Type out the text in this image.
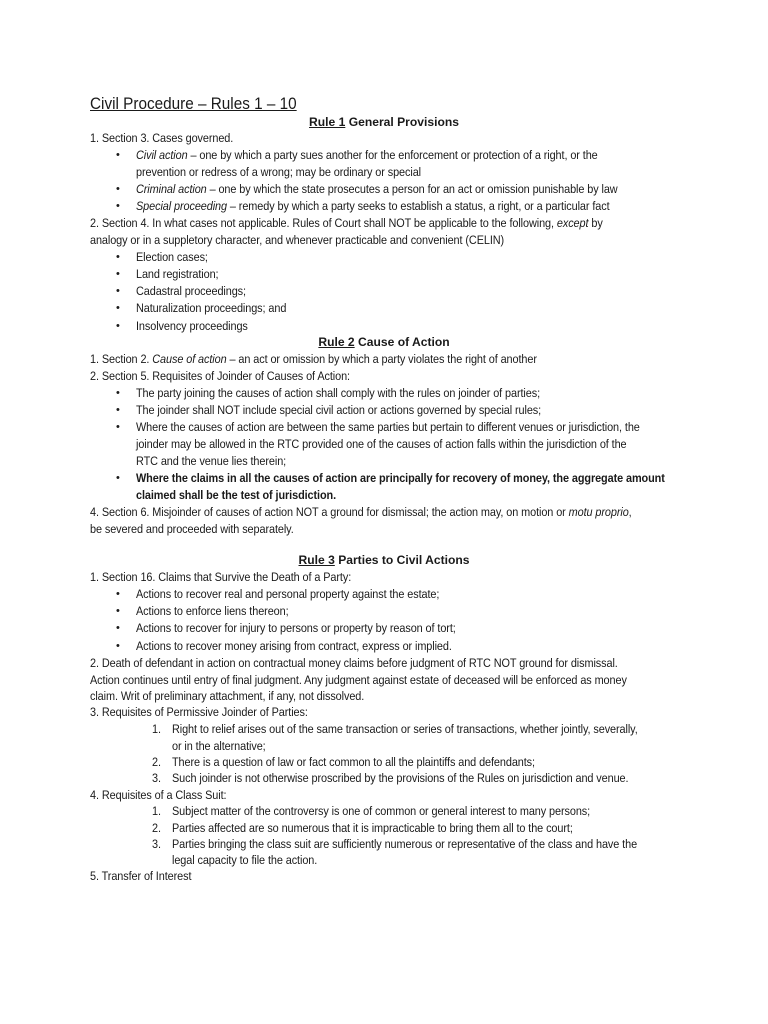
Civil Procedure – Rules 1 – 10
Rule 1 General Provisions
1. Section 3. Cases governed.
• Civil action – one by which a party sues another for the enforcement or protection of a right, or the
prevention or redress of a wrong; may be ordinary or special
• Criminal action – one by which the state prosecutes a person for an act or omission punishable by law
• Special proceeding – remedy by which a party seeks to establish a status, a right, or a particular fact
2. Section 4. In what cases not applicable. Rules of Court shall NOT be applicable to the following, except by
analogy or in a suppletory character, and whenever practicable and convenient (CELIN)
• Election cases;
• Land registration;
• Cadastral proceedings;
• Naturalization proceedings; and
• Insolvency proceedings
Rule 2 Cause of Action
1. Section 2. Cause of action – an act or omission by which a party violates the right of another
2. Section 5. Requisites of Joinder of Causes of Action:
• The party joining the causes of action shall comply with the rules on joinder of parties;
• The joinder shall NOT include special civil action or actions governed by special rules;
• Where the causes of action are between the same parties but pertain to different venues or jurisdiction, the
joinder may be allowed in the RTC provided one of the causes of action falls within the jurisdiction of the
RTC and the venue lies therein;
• Where the claims in all the causes of action are principally for recovery of money, the aggregate amount
claimed shall be the test of jurisdiction.
4. Section 6. Misjoinder of causes of action NOT a ground for dismissal; the action may, on motion or motu proprio,
be severed and proceeded with separately.
Rule 3 Parties to Civil Actions
1. Section 16. Claims that Survive the Death of a Party:
• Actions to recover real and personal property against the estate;
• Actions to enforce liens thereon;
• Actions to recover for injury to persons or property by reason of tort;
• Actions to recover money arising from contract, express or implied.
2. Death of defendant in action on contractual money claims before judgment of RTC NOT ground for dismissal.
Action continues until entry of final judgment. Any judgment against estate of deceased will be enforced as money
claim. Writ of preliminary attachment, if any, not dissolved.
3. Requisites of Permissive Joinder of Parties:
1. Right to relief arises out of the same transaction or series of transactions, whether jointly, severally,
or in the alternative;
2. There is a question of law or fact common to all the plaintiffs and defendants;
3. Such joinder is not otherwise proscribed by the provisions of the Rules on jurisdiction and venue.
4. Requisites of a Class Suit:
1. Subject matter of the controversy is one of common or general interest to many persons;
2. Parties affected are so numerous that it is impracticable to bring them all to the court;
3. Parties bringing the class suit are sufficiently numerous or representative of the class and have the
legal capacity to file the action.
5. Transfer of Interest
